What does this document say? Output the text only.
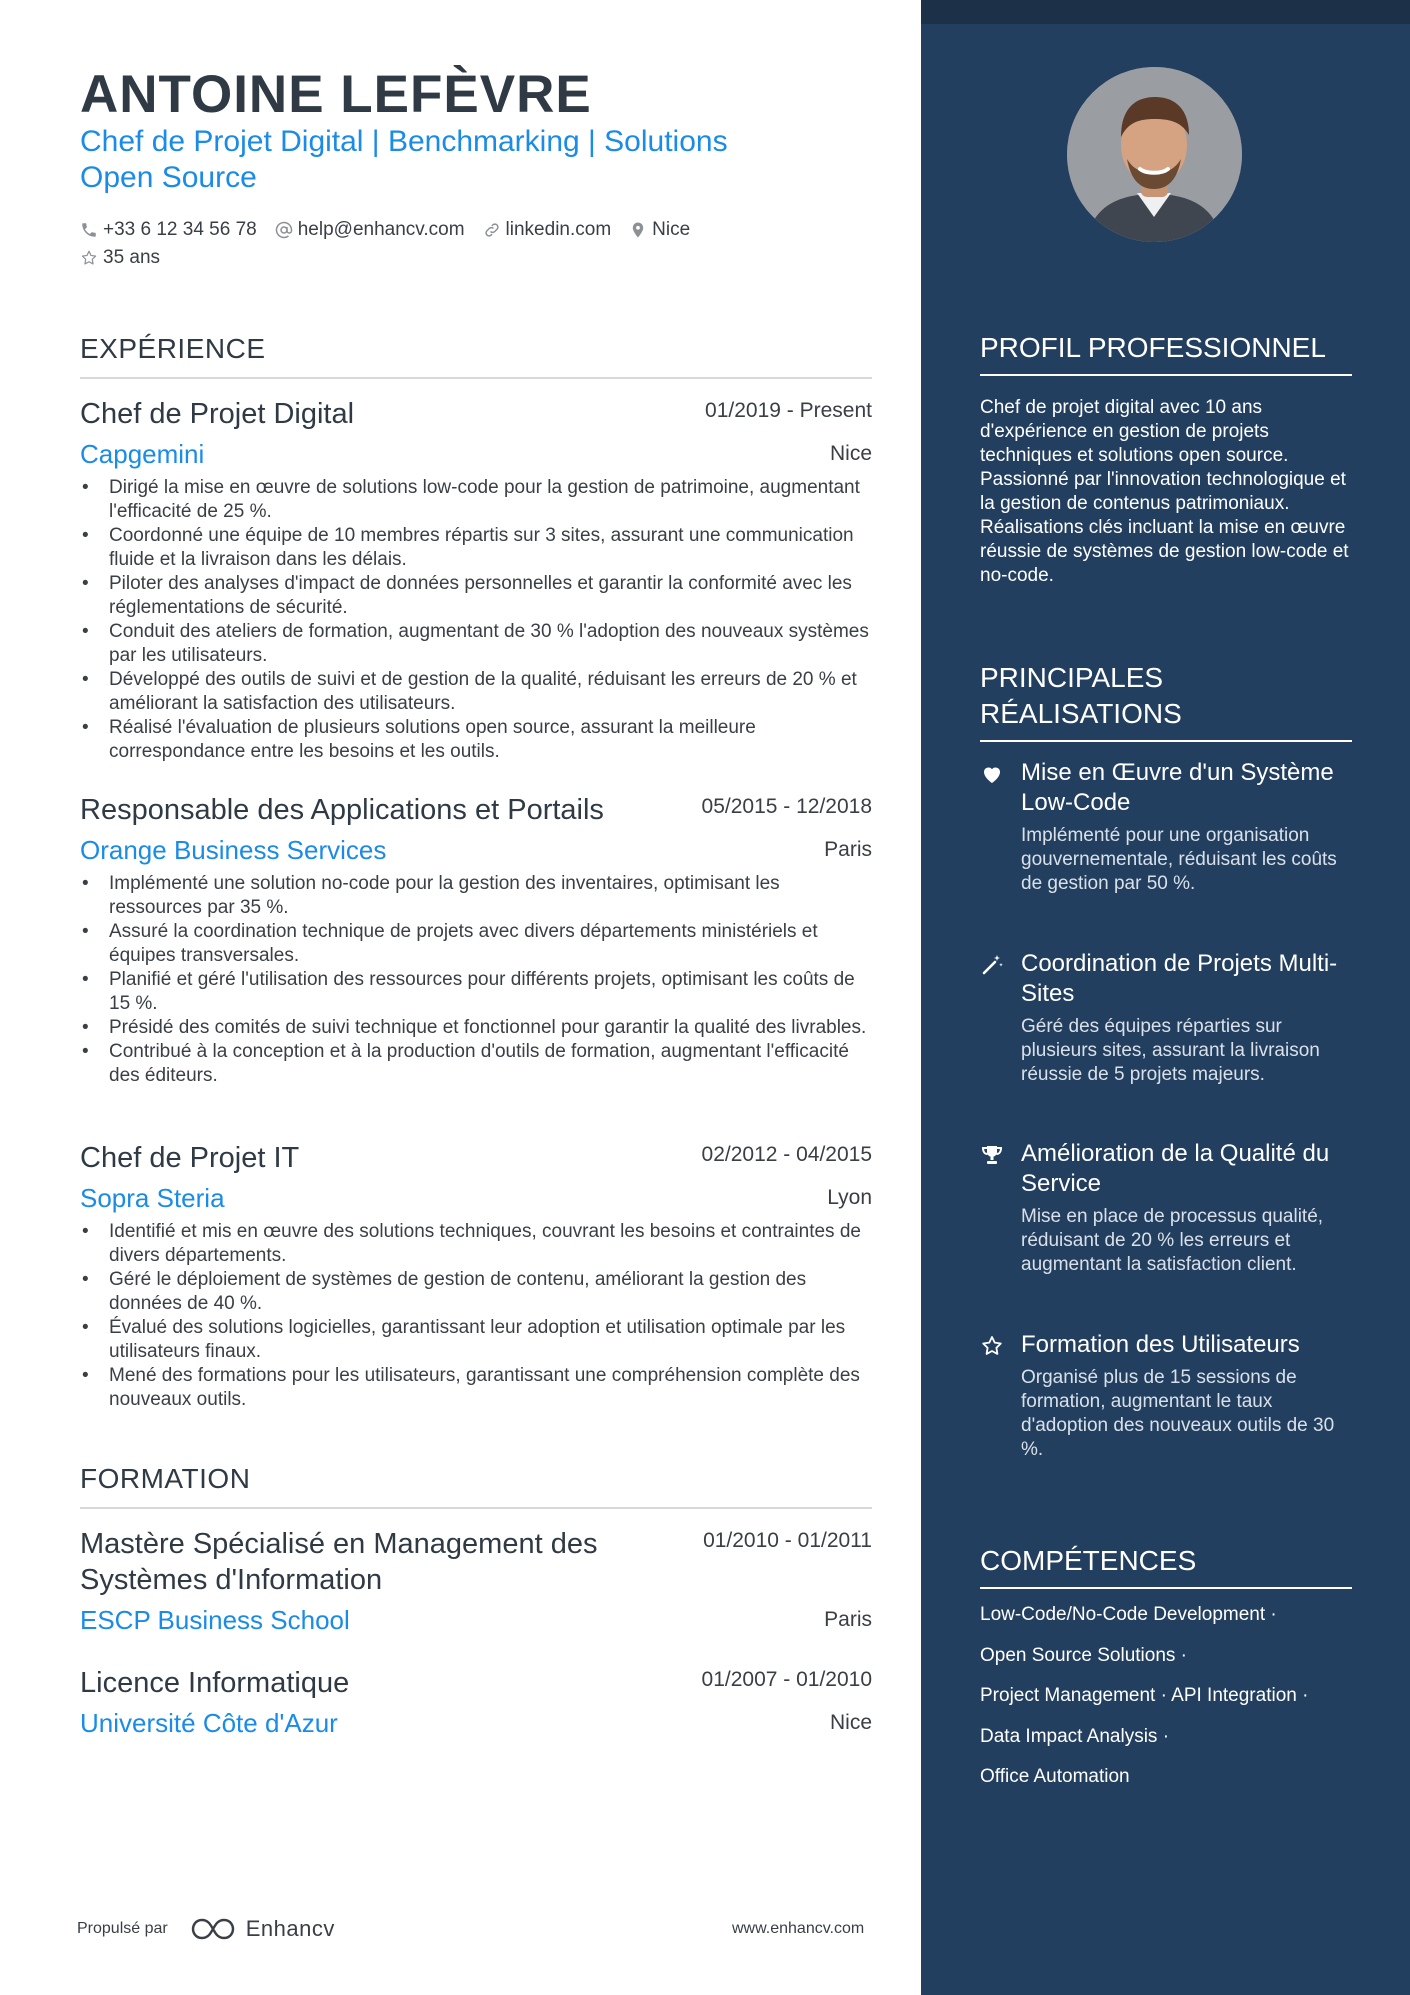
ANTOINE LEFÈVRE
Chef de Projet Digital | Benchmarking | Solutions Open Source
+33 6 12 34 56 78 help@enhancv.com linkedin.com Nice
35 ans
EXPÉRIENCE
Chef de Projet Digital	01/2019 - Present
Capgemini	Nice
• Dirigé la mise en œuvre de solutions low-code pour la gestion de patrimoine, augmentant l'efficacité de 25 %.
• Coordonné une équipe de 10 membres répartis sur 3 sites, assurant une communication fluide et la livraison dans les délais.
• Piloter des analyses d'impact de données personnelles et garantir la conformité avec les réglementations de sécurité.
• Conduit des ateliers de formation, augmentant de 30 % l'adoption des nouveaux systèmes par les utilisateurs.
• Développé des outils de suivi et de gestion de la qualité, réduisant les erreurs de 20 % et améliorant la satisfaction des utilisateurs.
• Réalisé l'évaluation de plusieurs solutions open source, assurant la meilleure correspondance entre les besoins et les outils.
Responsable des Applications et Portails	05/2015 - 12/2018
Orange Business Services	Paris
• Implémenté une solution no-code pour la gestion des inventaires, optimisant les ressources par 35 %.
• Assuré la coordination technique de projets avec divers départements ministériels et équipes transversales.
• Planifié et géré l'utilisation des ressources pour différents projets, optimisant les coûts de 15 %.
• Présidé des comités de suivi technique et fonctionnel pour garantir la qualité des livrables.
• Contribué à la conception et à la production d'outils de formation, augmentant l'efficacité des éditeurs.
Chef de Projet IT	02/2012 - 04/2015
Sopra Steria	Lyon
• Identifié et mis en œuvre des solutions techniques, couvrant les besoins et contraintes de divers départements.
• Géré le déploiement de systèmes de gestion de contenu, améliorant la gestion des données de 40 %.
• Évalué des solutions logicielles, garantissant leur adoption et utilisation optimale par les utilisateurs finaux.
• Mené des formations pour les utilisateurs, garantissant une compréhension complète des nouveaux outils.
FORMATION
Mastère Spécialisé en Management des Systèmes d'Information
01/2010 - 01/2011
ESCP Business School	Paris
Licence Informatique	01/2007 - 01/2010
Université Côte d'Azur	Nice
Propulsé par	Enhancv	www.enhancv.com
PROFIL PROFESSIONNEL
Chef de projet digital avec 10 ans d'expérience en gestion de projets techniques et solutions open source. Passionné par l'innovation technologique et la gestion de contenus patrimoniaux. Réalisations clés incluant la mise en œuvre réussie de systèmes de gestion low-code et no-code.
PRINCIPALES
RÉALISATIONS
Mise en Œuvre d'un Système Low-Code
Implémenté pour une organisation gouvernementale, réduisant les coûts de gestion par 50 %.
Coordination de Projets Multi-Sites
Géré des équipes réparties sur plusieurs sites, assurant la livraison réussie de 5 projets majeurs.
Amélioration de la Qualité du Service
Mise en place de processus qualité, réduisant de 20 % les erreurs et augmentant la satisfaction client.
Formation des Utilisateurs
Organisé plus de 15 sessions de formation, augmentant le taux d'adoption des nouveaux outils de 30 %.
COMPÉTENCES
Low-Code/No-Code Development ·
Open Source Solutions ·
Project Management · API Integration ·
Data Impact Analysis ·
Office Automation
